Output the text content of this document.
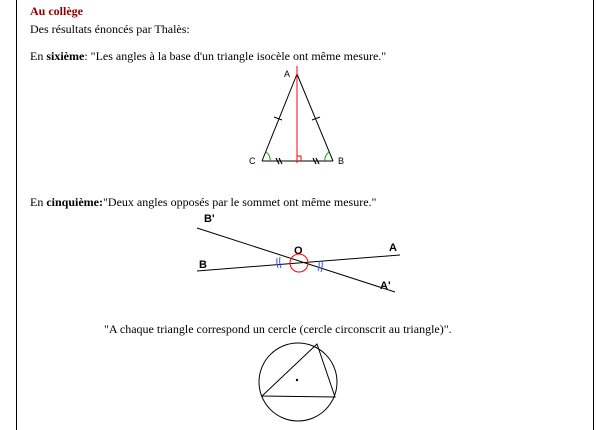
Au collège
Des résultats énoncés par Thalès:
En sixième: "Les angles à la base d'un triangle isocèle ont même mesure."
A
C	B
En cinquième:"Deux angles opposés par le sommet ont même mesure."
B'
A
O
B
A'
"A chaque triangle correspond un cercle (cercle circonscrit au triangle)".
